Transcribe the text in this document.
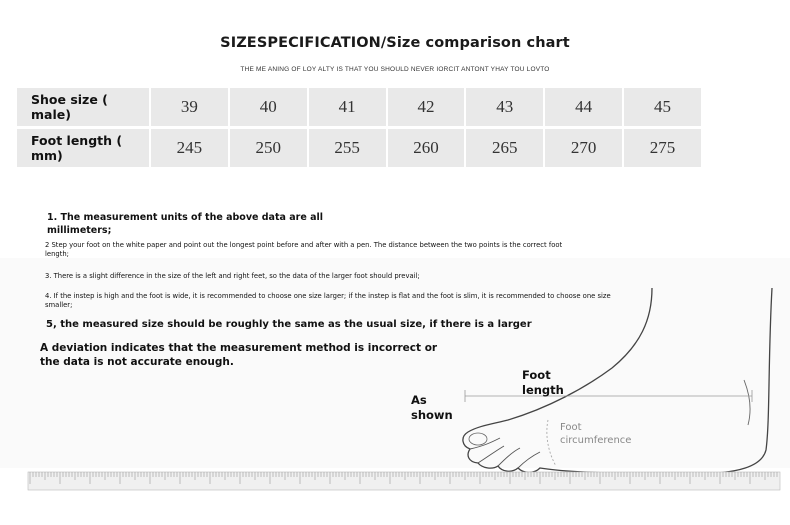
SIZESPECIFICATION/Size comparison chart
THE ME ANING OF LOY ALTY IS THAT YOU SHOULD NEVER IORCIT ANTONT YHAY TOU LOVTO
Shoe size ( male)	39	40	41	42	43	44	45
Foot length ( mm)	245	250	255	260	265	270	275
1. The measurement units of the above data are all millimeters;
2 Step your foot on the white paper and point out the longest point before and after with a pen. The distance between the two points is the correct foot length;
3. There is a slight difference in the size of the left and right feet, so the data of the larger foot should prevail;
4. If the instep is high and the foot is wide, it is recommended to choose one size larger; if the instep is flat and the foot is slim, it is recommended to choose one size smaller;
5, the measured size should be roughly the same as the usual size, if there is a larger
A deviation indicates that the measurement method is incorrect or the data is not accurate enough.
Foot length
As shown
Foot circumference
